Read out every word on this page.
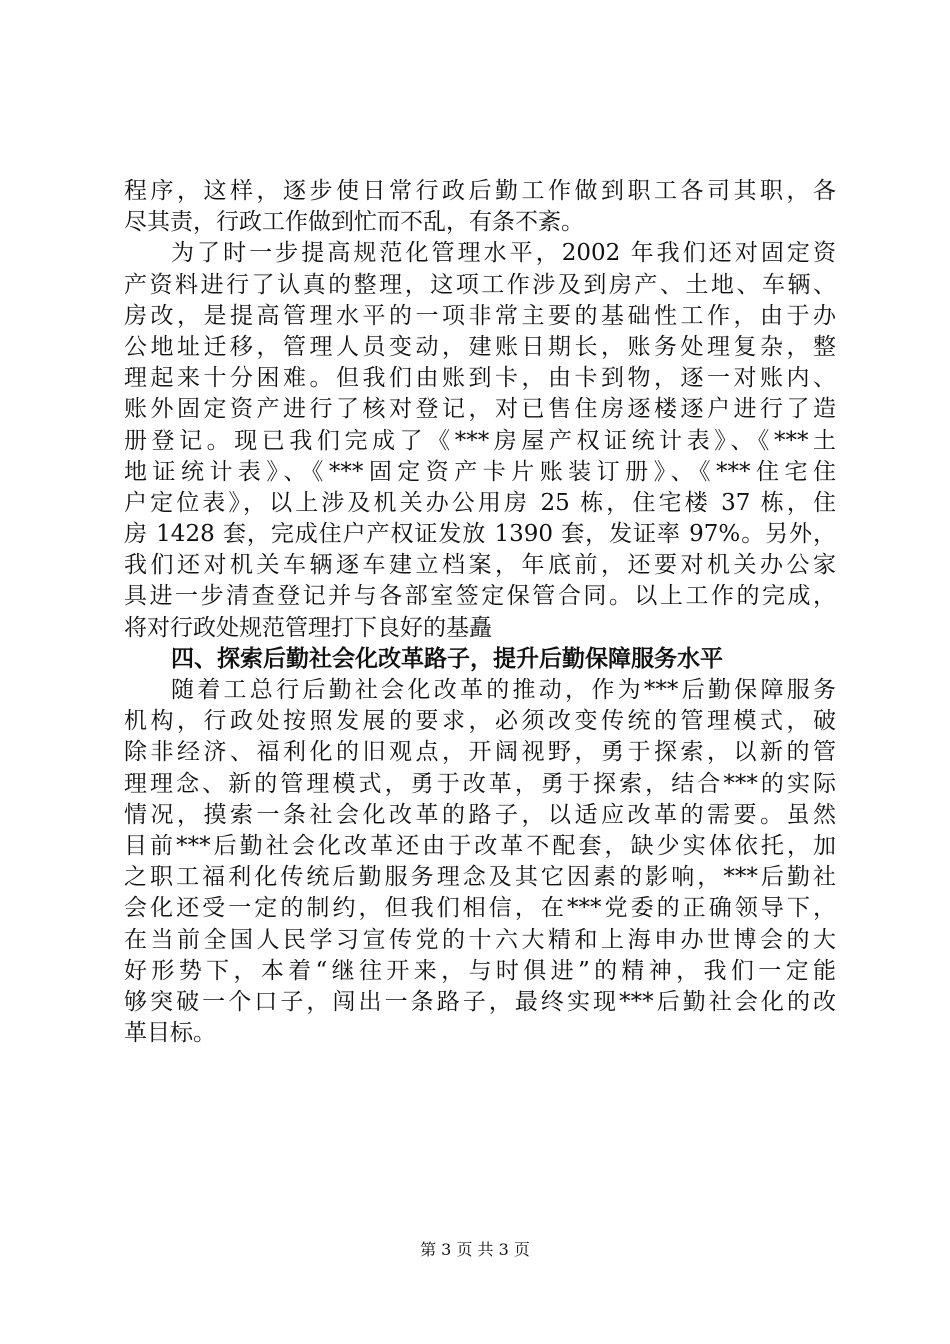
程序，这样，逐步使日常行政后勤工作做到职工各司其职，各
尽其责，行政工作做到忙而不乱，有条不紊。
为了时一步提高规范化管理水平，2002 年我们还对固定资
产资料进行了认真的整理，这项工作涉及到房产、土地、车辆、
房改，是提高管理水平的一项非常主要的基础性工作，由于办
公地址迁移，管理人员变动，建账日期长，账务处理复杂，整
理起来十分困难。但我们由账到卡，由卡到物，逐一对账内、
账外固定资产进行了核对登记，对已售住房逐楼逐户进行了造
册登记。现已我们完成了《***房屋产权证统计表》、《***土
地证统计表》、《***固定资产卡片账装订册》、《***住宅住
户定位表》，以上涉及机关办公用房 25 栋，住宅楼 37 栋，住
房 1428 套，完成住户产权证发放 1390 套，发证率 97%。另外，
我们还对机关车辆逐车建立档案，年底前，还要对机关办公家
具进一步清查登记并与各部室签定保管合同。以上工作的完成，
将对行政处规范管理打下良好的基矗
四、探索后勤社会化改革路子，提升后勤保障服务水平
随着工总行后勤社会化改革的推动，作为***后勤保障服务
机构，行政处按照发展的要求，必须改变传统的管理模式，破
除非经济、福利化的旧观点，开阔视野，勇于探索，以新的管
理理念、新的管理模式，勇于改革，勇于探索，结合***的实际
情况，摸索一条社会化改革的路子，以适应改革的需要。虽然
目前***后勤社会化改革还由于改革不配套，缺少实体依托，加
之职工福利化传统后勤服务理念及其它因素的影响，***后勤社
会化还受一定的制约，但我们相信，在***党委的正确领导下，
在当前全国人民学习宣传党的十六大精和上海申办世博会的大
好形势下，本着“继往开来，与时俱进”的精神，我们一定能
够突破一个口子，闯出一条路子，最终实现***后勤社会化的改
革目标。
第 3 页 共 3 页
